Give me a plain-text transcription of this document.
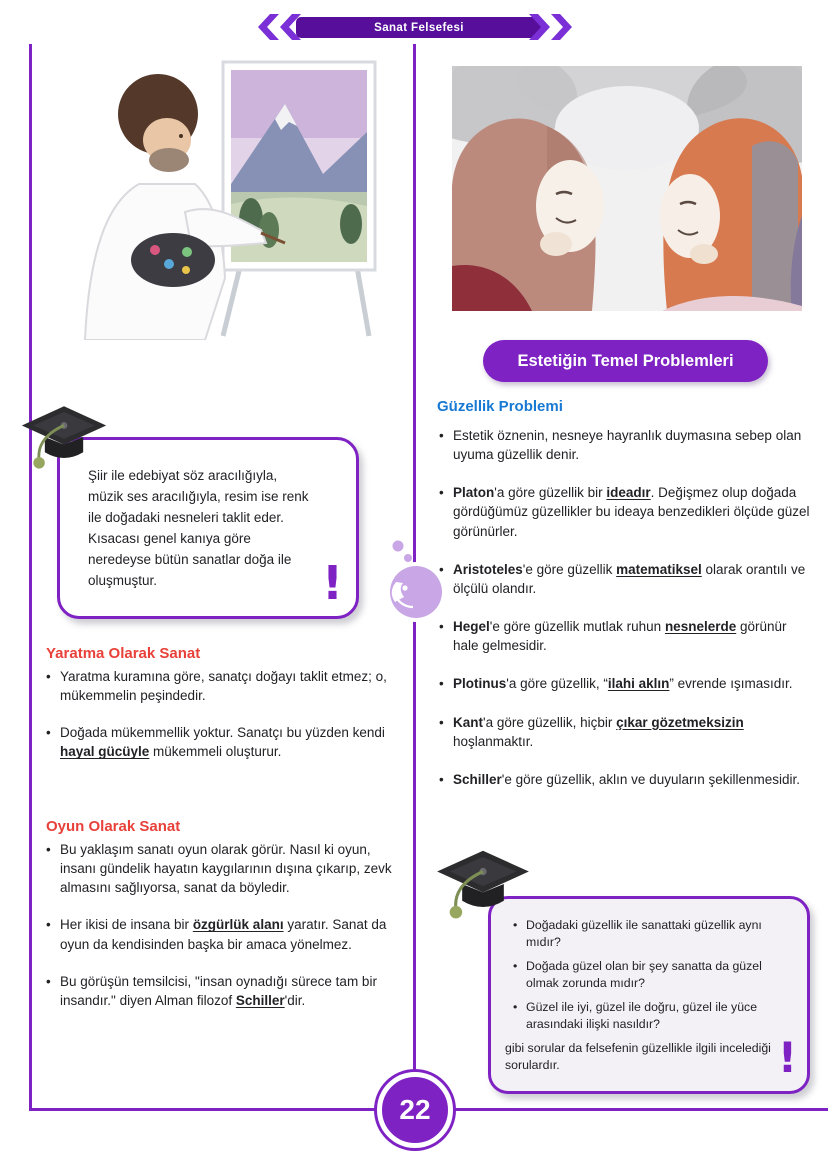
Sanat Felsefesi
Estetiğin Temel Problemleri
Güzellik Problemi
• Estetik öznenin, nesneye hayranlık duymasına sebep olan uyuma güzellik denir.
• Platon'a göre güzellik bir ideadır. Değişmez olup doğada gördüğümüz güzellikler bu ideaya benzedikleri ölçüde güzel görünürler.
• Aristoteles'e göre güzellik matematiksel olarak orantılı ve ölçülü olandır.
• Hegel'e göre güzellik mutlak ruhun nesnelerde görünür hale gelmesidir.
• Plotinus'a göre güzellik, “ilahi aklın” evrende ışımasıdır.
• Kant'a göre güzellik, hiçbir çıkar gözetmeksizin hoşlanmaktır.
• Schiller'e göre güzellik, aklın ve duyuların şekillenmesidir.
Şiir ile edebiyat söz aracılığıyla, müzik ses aracılığıyla, resim ise renk ile doğadaki nesneleri taklit eder. Kısacası genel kanıya göre neredeyse bütün sanatlar doğa ile oluşmuştur.	!
Yaratma Olarak Sanat
• Yaratma kuramına göre, sanatçı doğayı taklit etmez; o, mükemmelin peşindedir.
• Doğada mükemmellik yoktur. Sanatçı bu yüzden kendi hayal gücüyle mükemmeli oluşturur.
Oyun Olarak Sanat
• Bu yaklaşım sanatı oyun olarak görür. Nasıl ki oyun, insanı gündelik hayatın kaygılarının dışına çıkarıp, zevk almasını sağlıyorsa, sanat da böyledir.
• Her ikisi de insana bir özgürlük alanı yaratır. Sanat da oyun da kendisinden başka bir amaca yönelmez.
• Bu görüşün temsilcisi, "insan oynadığı sürece tam bir insandır." diyen Alman filozof Schiller'dir.
• Doğadaki güzellik ile sanattaki güzellik aynı mıdır?
• Doğada güzel olan bir şey sanatta da güzel olmak zorunda mıdır?
• Güzel ile iyi, güzel ile doğru, güzel ile yüce arasındaki ilişki nasıldır?
gibi sorular da felsefenin güzellikle ilgili incelediği sorulardır.	!
22
